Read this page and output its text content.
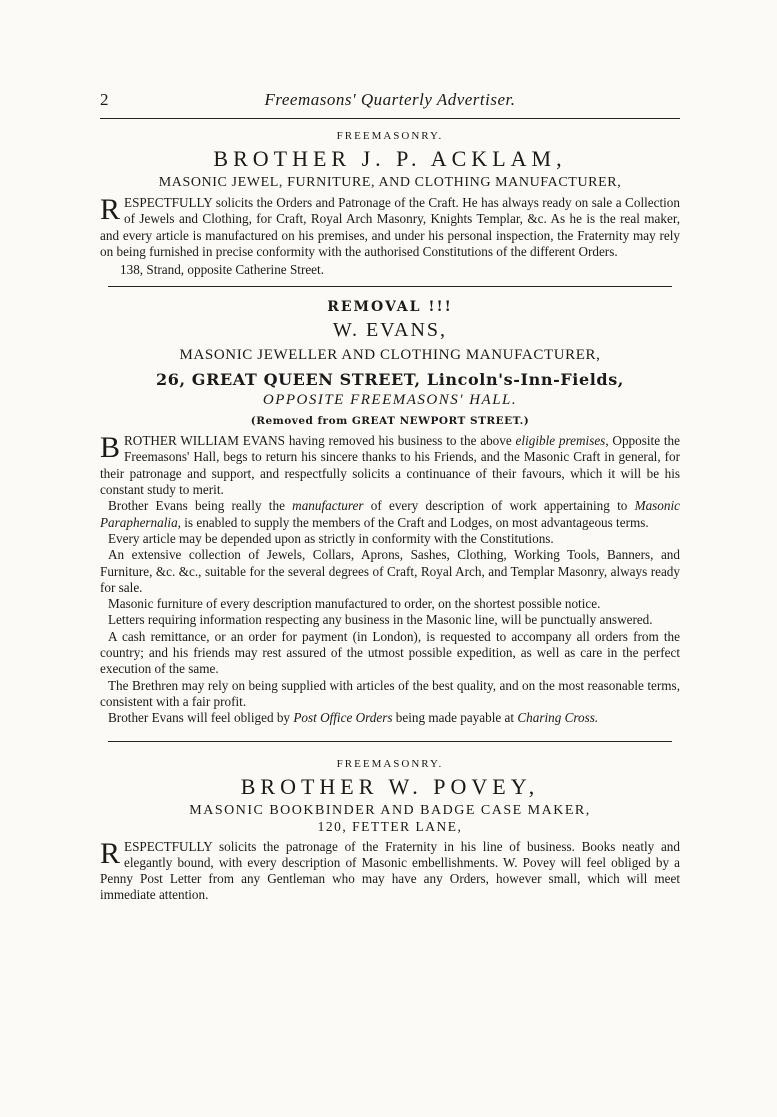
2	Freemasons' Quarterly Advertiser.
FREEMASONRY.
BROTHER J. P. ACKLAM,
MASONIC JEWEL, FURNITURE, AND CLOTHING MANUFACTURER,

RESPECTFULLY solicits the Orders and Patronage of the Craft. He has always ready on sale a Collection of Jewels and Clothing, for Craft, Royal Arch Masonry, Knights Templar, &c. As he is the real maker, and every article is manufactured on his premises, and under his personal inspection, the Fraternity may rely on being furnished in precise conformity with the authorised Constitutions of the different Orders.

138, Strand, opposite Catherine Street.
REMOVAL !!!
W. EVANS,
MASONIC JEWELLER AND CLOTHING MANUFACTURER,
26, GREAT QUEEN STREET, Lincoln's-Inn-Fields,
OPPOSITE FREEMASONS' HALL.
(Removed from GREAT NEWPORT STREET.)

BROTHER WILLIAM EVANS having removed his business to the above eligible premises, Opposite the Freemasons' Hall, begs to return his sincere thanks to his Friends, and the Masonic Craft in general, for their patronage and support, and respectfully solicits a continuance of their favours, which it will be his constant study to merit.

Brother Evans being really the manufacturer of every description of work appertaining to Masonic Paraphernalia, is enabled to supply the members of the Craft and Lodges, on most advantageous terms.

Every article may be depended upon as strictly in conformity with the Constitutions.

An extensive collection of Jewels, Collars, Aprons, Sashes, Clothing, Working Tools, Banners, and Furniture, &c. &c., suitable for the several degrees of Craft, Royal Arch, and Templar Masonry, always ready for sale.

Masonic furniture of every description manufactured to order, on the shortest possible notice.

Letters requiring information respecting any business in the Masonic line, will be punctually answered.

A cash remittance, or an order for payment (in London), is requested to accompany all orders from the country; and his friends may rest assured of the utmost possible expedition, as well as care in the perfect execution of the same.

The Brethren may rely on being supplied with articles of the best quality, and on the most reasonable terms, consistent with a fair profit.

Brother Evans will feel obliged by Post Office Orders being made payable at Charing Cross.

FREEMASONRY.
BROTHER W. POVEY,
MASONIC BOOKBINDER AND BADGE CASE MAKER,
120, FETTER LANE,

RESPECTFULLY solicits the patronage of the Fraternity in his line of business. Books neatly and elegantly bound, with every description of Masonic embellishments. W. Povey will feel obliged by a Penny Post Letter from any Gentleman who may have any Orders, however small, which will meet immediate attention.
